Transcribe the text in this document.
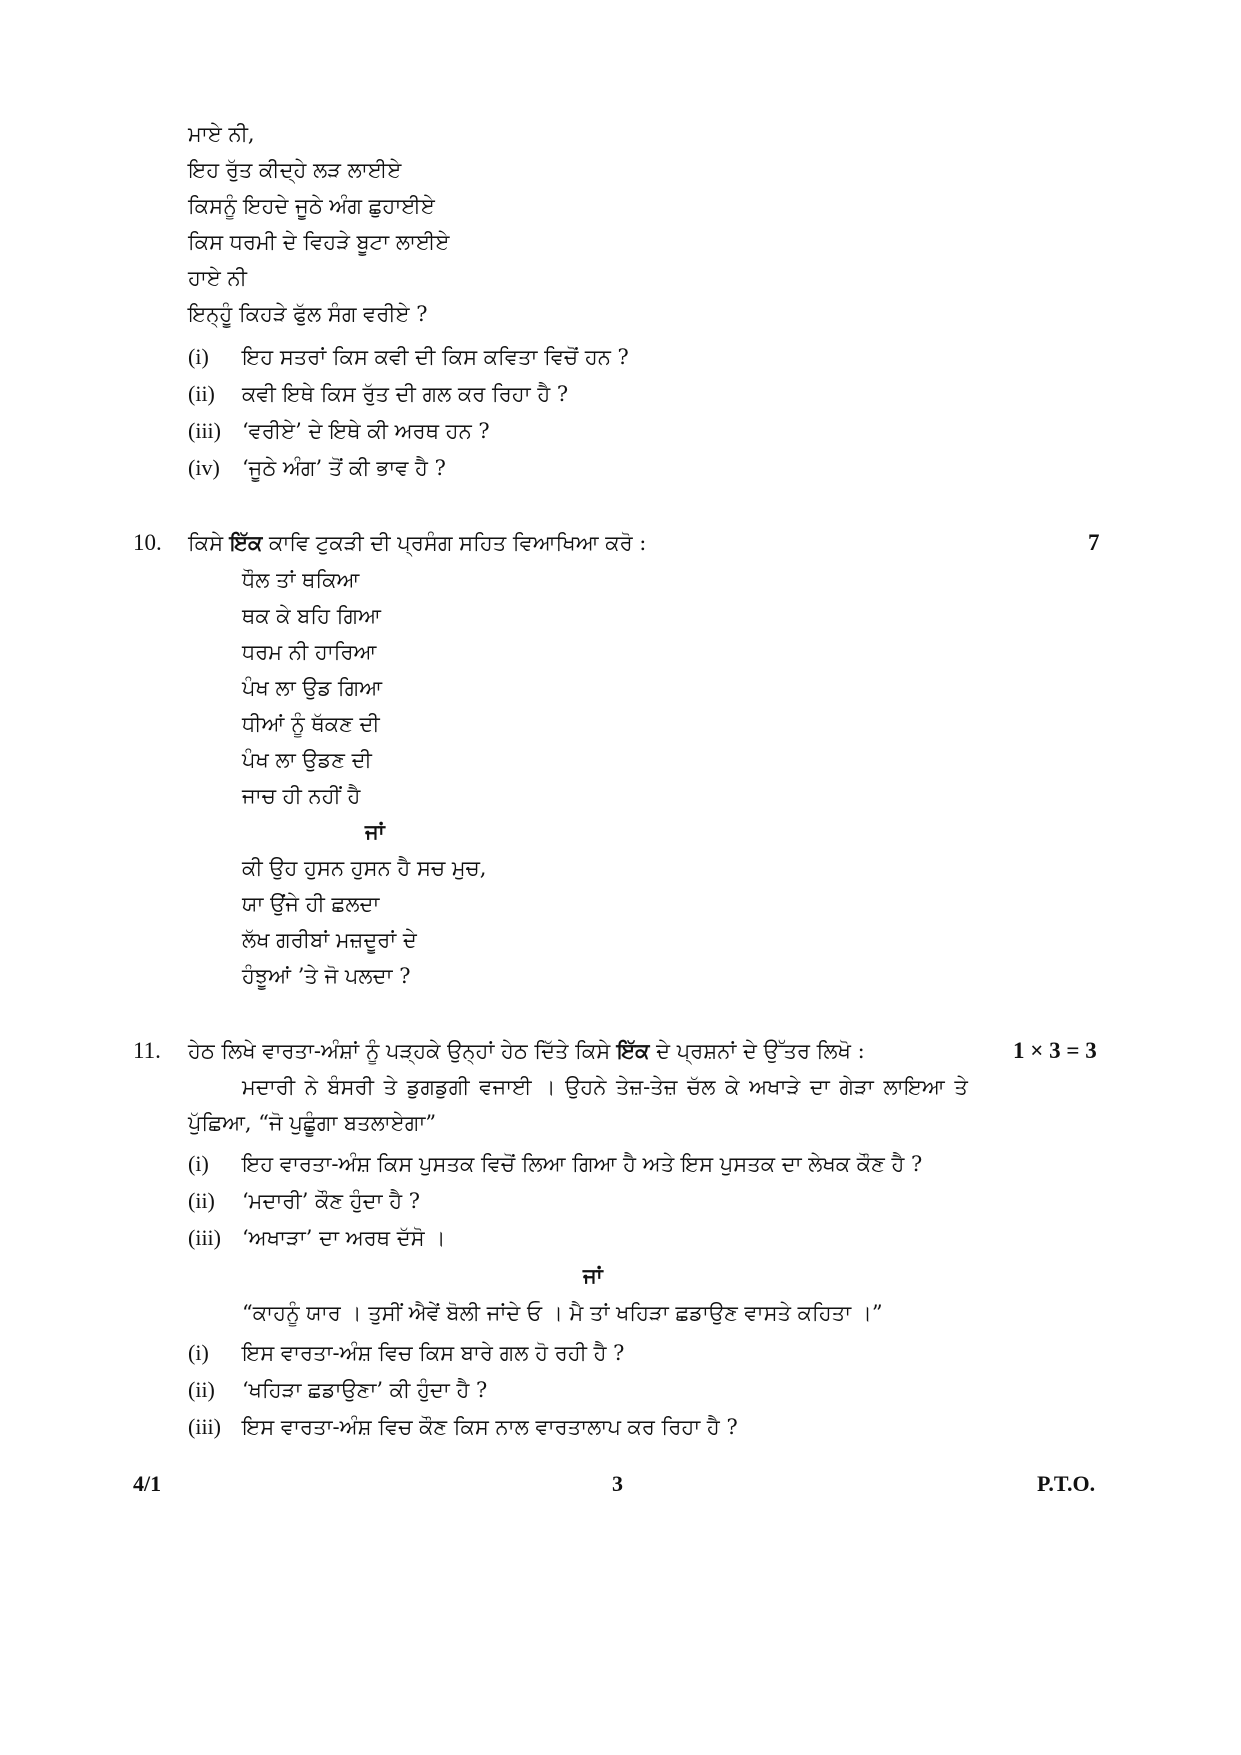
ਮਾਏ ਨੀ,
ਇਹ ਰੁੱਤ ਕੀਦ੍ਹੇ ਲੜ ਲਾਈਏ
ਕਿਸਨੂੰ ਇਹਦੇ ਜੂਠੇ ਅੰਗ ਛੁਹਾਈਏ
ਕਿਸ ਧਰਮੀ ਦੇ ਵਿਹੜੇ ਬੂਟਾ ਲਾਈਏ
ਹਾਏ ਨੀ
ਇਨ੍ਹੂੰ ਕਿਹੜੇ ਫੁੱਲ ਸੰਗ ਵਰੀਏ ?
(i) ਇਹ ਸਤਰਾਂ ਕਿਸ ਕਵੀ ਦੀ ਕਿਸ ਕਵਿਤਾ ਵਿਚੋਂ ਹਨ ?
(ii) ਕਵੀ ਇਥੇ ਕਿਸ ਰੁੱਤ ਦੀ ਗਲ ਕਰ ਰਿਹਾ ਹੈ ?
(iii) ‘ਵਰੀਏ’ ਦੇ ਇਥੇ ਕੀ ਅਰਥ ਹਨ ?
(iv) ‘ਜੂਠੇ ਅੰਗ’ ਤੋਂ ਕੀ ਭਾਵ ਹੈ ?
10. ਕਿਸੇ ਇੱਕ ਕਾਵਿ ਟੁਕੜੀ ਦੀ ਪ੍ਰਸੰਗ ਸਹਿਤ ਵਿਆਖਿਆ ਕਰੋ :	7
ਧੌਲ ਤਾਂ ਥਕਿਆ
ਥਕ ਕੇ ਬਹਿ ਗਿਆ
ਧਰਮ ਨੀ ਹਾਰਿਆ
ਪੰਖ ਲਾ ਉਡ ਗਿਆ
ਧੀਆਂ ਨੂੰ ਥੱਕਣ ਦੀ
ਪੰਖ ਲਾ ਉਡਣ ਦੀ
ਜਾਚ ਹੀ ਨਹੀਂ ਹੈ
ਜਾਂ
ਕੀ ਉਹ ਹੁਸਨ ਹੁਸਨ ਹੈ ਸਚ ਮੁਚ,
ਯਾ ਉਂਜੇ ਹੀ ਛਲਦਾ
ਲੱਖ ਗਰੀਬਾਂ ਮਜ਼ਦੂਰਾਂ ਦੇ
ਹੰਝੂਆਂ ’ਤੇ ਜੋ ਪਲਦਾ ?
11. ਹੇਠ ਲਿਖੇ ਵਾਰਤਾ-ਅੰਸ਼ਾਂ ਨੂੰ ਪੜ੍ਹਕੇ ਉਨ੍ਹਾਂ ਹੇਠ ਦਿੱਤੇ ਕਿਸੇ ਇੱਕ ਦੇ ਪ੍ਰਸ਼ਨਾਂ ਦੇ ਉੱਤਰ ਲਿਖੋ :	1 × 3 = 3
ਮਦਾਰੀ ਨੇ ਬੰਸਰੀ ਤੇ ਡੁਗਡੁਗੀ ਵਜਾਈ । ਉਹਨੇ ਤੇਜ਼-ਤੇਜ਼ ਚੱਲ ਕੇ ਅਖਾੜੇ ਦਾ ਗੇੜਾ ਲਾਇਆ ਤੇ
ਪੁੱਛਿਆ, “ਜੋ ਪੁਛੂੰਗਾ ਬਤਲਾਏਗਾ”
(i) ਇਹ ਵਾਰਤਾ-ਅੰਸ਼ ਕਿਸ ਪੁਸਤਕ ਵਿਚੋਂ ਲਿਆ ਗਿਆ ਹੈ ਅਤੇ ਇਸ ਪੁਸਤਕ ਦਾ ਲੇਖਕ ਕੌਣ ਹੈ ?
(ii) ‘ਮਦਾਰੀ’ ਕੌਣ ਹੁੰਦਾ ਹੈ ?
(iii) ‘ਅਖਾੜਾ’ ਦਾ ਅਰਥ ਦੱਸੋ ।
ਜਾਂ
“ਕਾਹਨੂੰ ਯਾਰ । ਤੁਸੀਂ ਐਵੇਂ ਬੋਲੀ ਜਾਂਦੇ ਓ । ਮੈ ਤਾਂ ਖਹਿੜਾ ਛਡਾਉਣ ਵਾਸਤੇ ਕਹਿਤਾ ।”
(i) ਇਸ ਵਾਰਤਾ-ਅੰਸ਼ ਵਿਚ ਕਿਸ ਬਾਰੇ ਗਲ ਹੋ ਰਹੀ ਹੈ ?
(ii) ‘ਖਹਿੜਾ ਛਡਾਉਣਾ’ ਕੀ ਹੁੰਦਾ ਹੈ ?
(iii) ਇਸ ਵਾਰਤਾ-ਅੰਸ਼ ਵਿਚ ਕੌਣ ਕਿਸ ਨਾਲ ਵਾਰਤਾਲਾਪ ਕਰ ਰਿਹਾ ਹੈ ?
4/1	3	P.T.O.
